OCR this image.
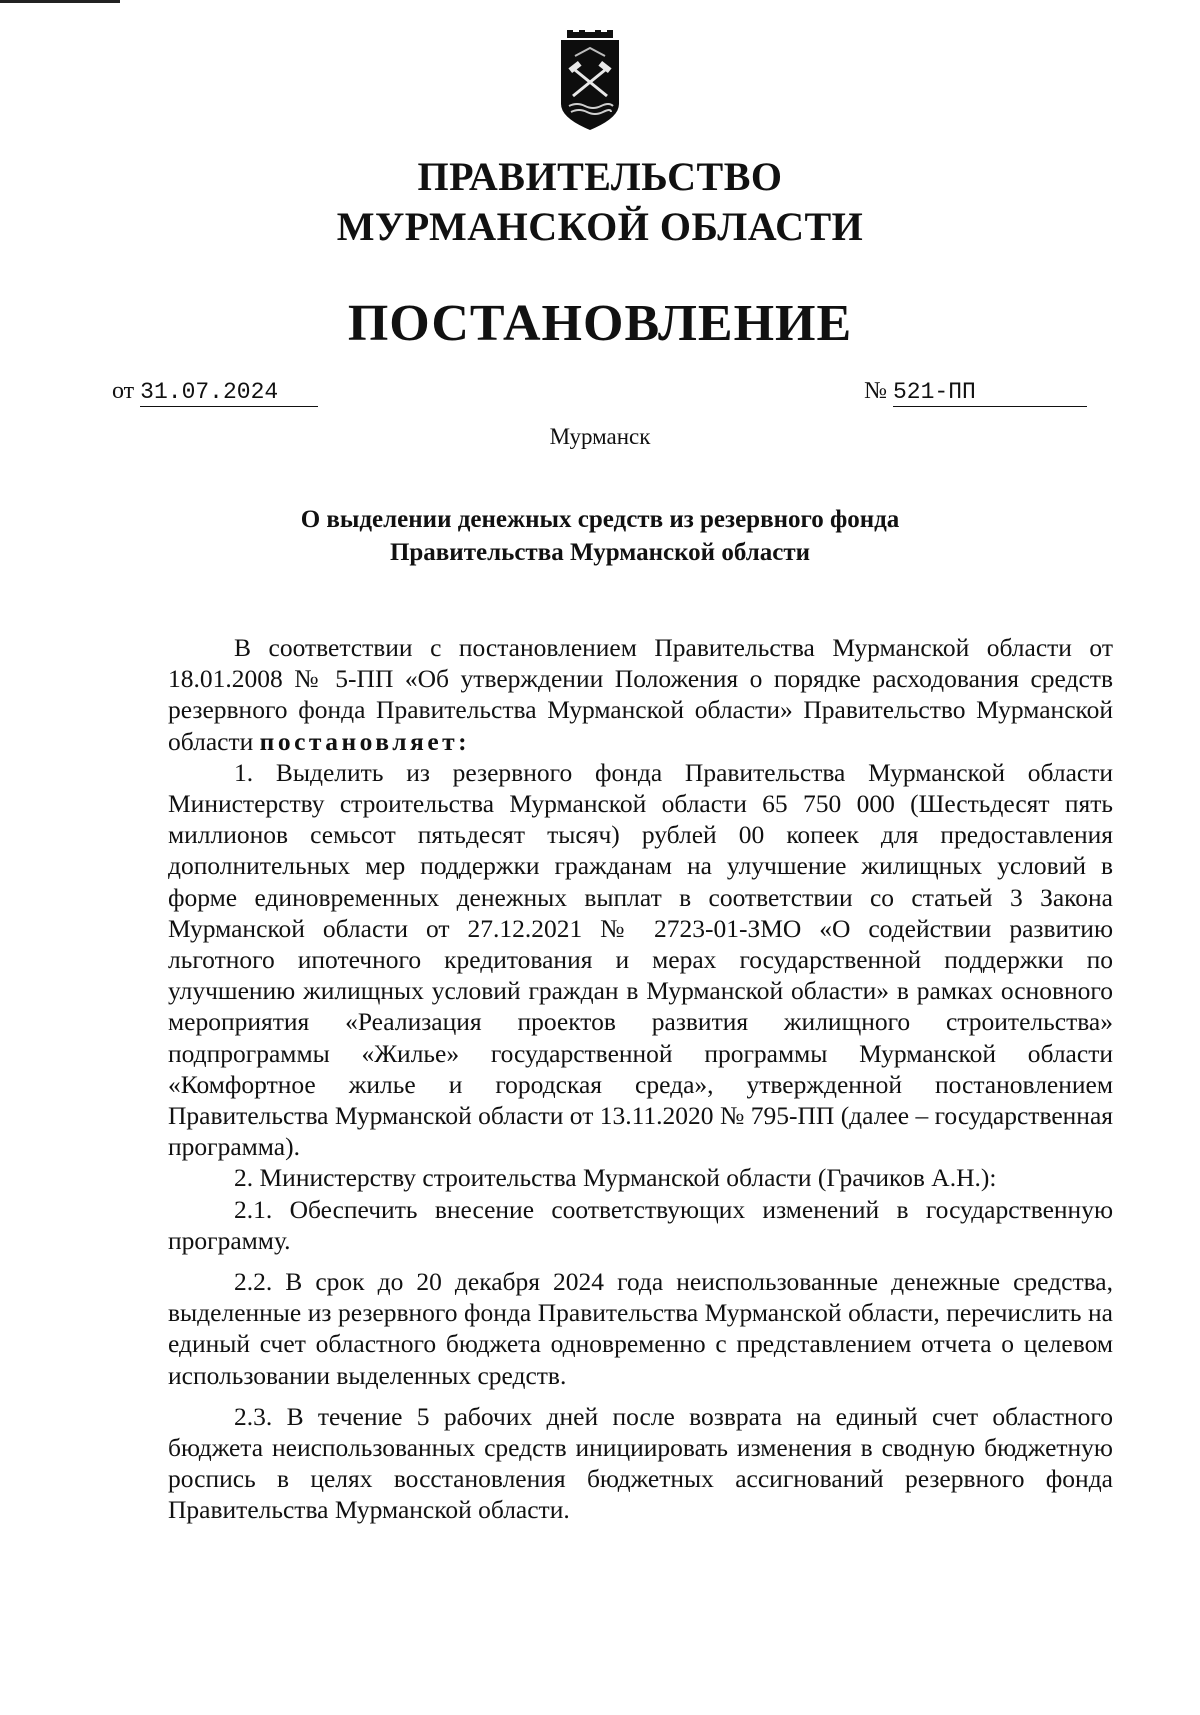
ПРАВИТЕЛЬСТВО
МУРМАНСКОЙ ОБЛАСТИ
ПОСТАНОВЛЕНИЕ
от 31.07.2024	№ 521-ПП
Мурманск
О выделении денежных средств из резервного фонда
Правительства Мурманской области

В соответствии с постановлением Правительства Мурманской области от 18.01.2008 № 5-ПП «Об утверждении Положения о порядке расходования средств резервного фонда Правительства Мурманской области» Правительство Мурманской области постановляет:

1. Выделить из резервного фонда Правительства Мурманской области Министерству строительства Мурманской области 65 750 000 (Шестьдесят пять миллионов семьсот пятьдесят тысяч) рублей 00 копеек для предоставления дополнительных мер поддержки гражданам на улучшение жилищных условий в форме единовременных денежных выплат в соответствии со статьей 3 Закона Мурманской области от 27.12.2021 № 2723-01-ЗМО «О содействии развитию льготного ипотечного кредитования и мерах государственной поддержки по улучшению жилищных условий граждан в Мурманской области» в рамках основного мероприятия «Реализация проектов развития жилищного строительства» подпрограммы «Жилье» государственной программы Мурманской области «Комфортное жилье и городская среда», утвержденной постановлением Правительства Мурманской области от 13.11.2020 № 795-ПП (далее – государственная программа).

2. Министерству строительства Мурманской области (Грачиков А.Н.):

2.1. Обеспечить внесение соответствующих изменений в государственную программу.

2.2. В срок до 20 декабря 2024 года неиспользованные денежные средства, выделенные из резервного фонда Правительства Мурманской области, перечислить на единый счет областного бюджета одновременно с представлением отчета о целевом использовании выделенных средств.

2.3. В течение 5 рабочих дней после возврата на единый счет областного бюджета неиспользованных средств инициировать изменения в сводную бюджетную роспись в целях восстановления бюджетных ассигнований резервного фонда Правительства Мурманской области.
